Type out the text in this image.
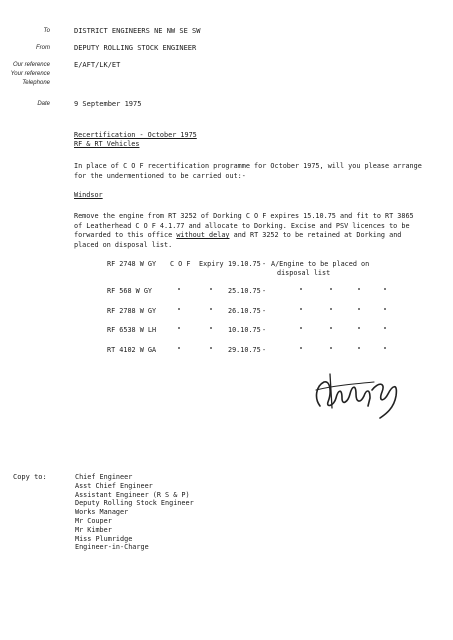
To	DISTRICT ENGINEERS NE NW SE SW
From	DEPUTY ROLLING STOCK ENGINEER
Our reference	E/AFT/LK/ET
Your reference
Telephone
Date	9 September 1975
Recertification - October 1975
RF & RT Vehicles
In place of C O F recertification programme for October 1975, will you please arrange for the undermentioned to be carried out:-
Windsor
Remove the engine from RT 3252 of Dorking C O F expires 15.10.75 and fit to RT 3865 of Leatherhead C O F 4.1.77 and allocate to Dorking. Excise and PSV licences to be forwarded to this office without delay and RT 3252 to be retained at Dorking and placed on disposal list.
RF 2748 W GY C O F Expiry 19.10.75 - A/Engine to be placed on
disposal list
RF 568 W GY	"	" 25.10.75 -	"	"	"	"
RF 2788 W GY	"	" 26.10.75 -	"	"	"	"
RF 6538 W LH	"	" 10.10.75 -	"	"	"	"
RT 4102 W GA	"	" 29.10.75 -	"	"	"	"
Copy to:	Chief Engineer
Asst Chief Engineer
Assistant Engineer (R S & P)
Deputy Rolling Stock Engineer
Works Manager
Mr Couper
Mr Kimber
Miss Plumridge
Engineer-in-Charge
